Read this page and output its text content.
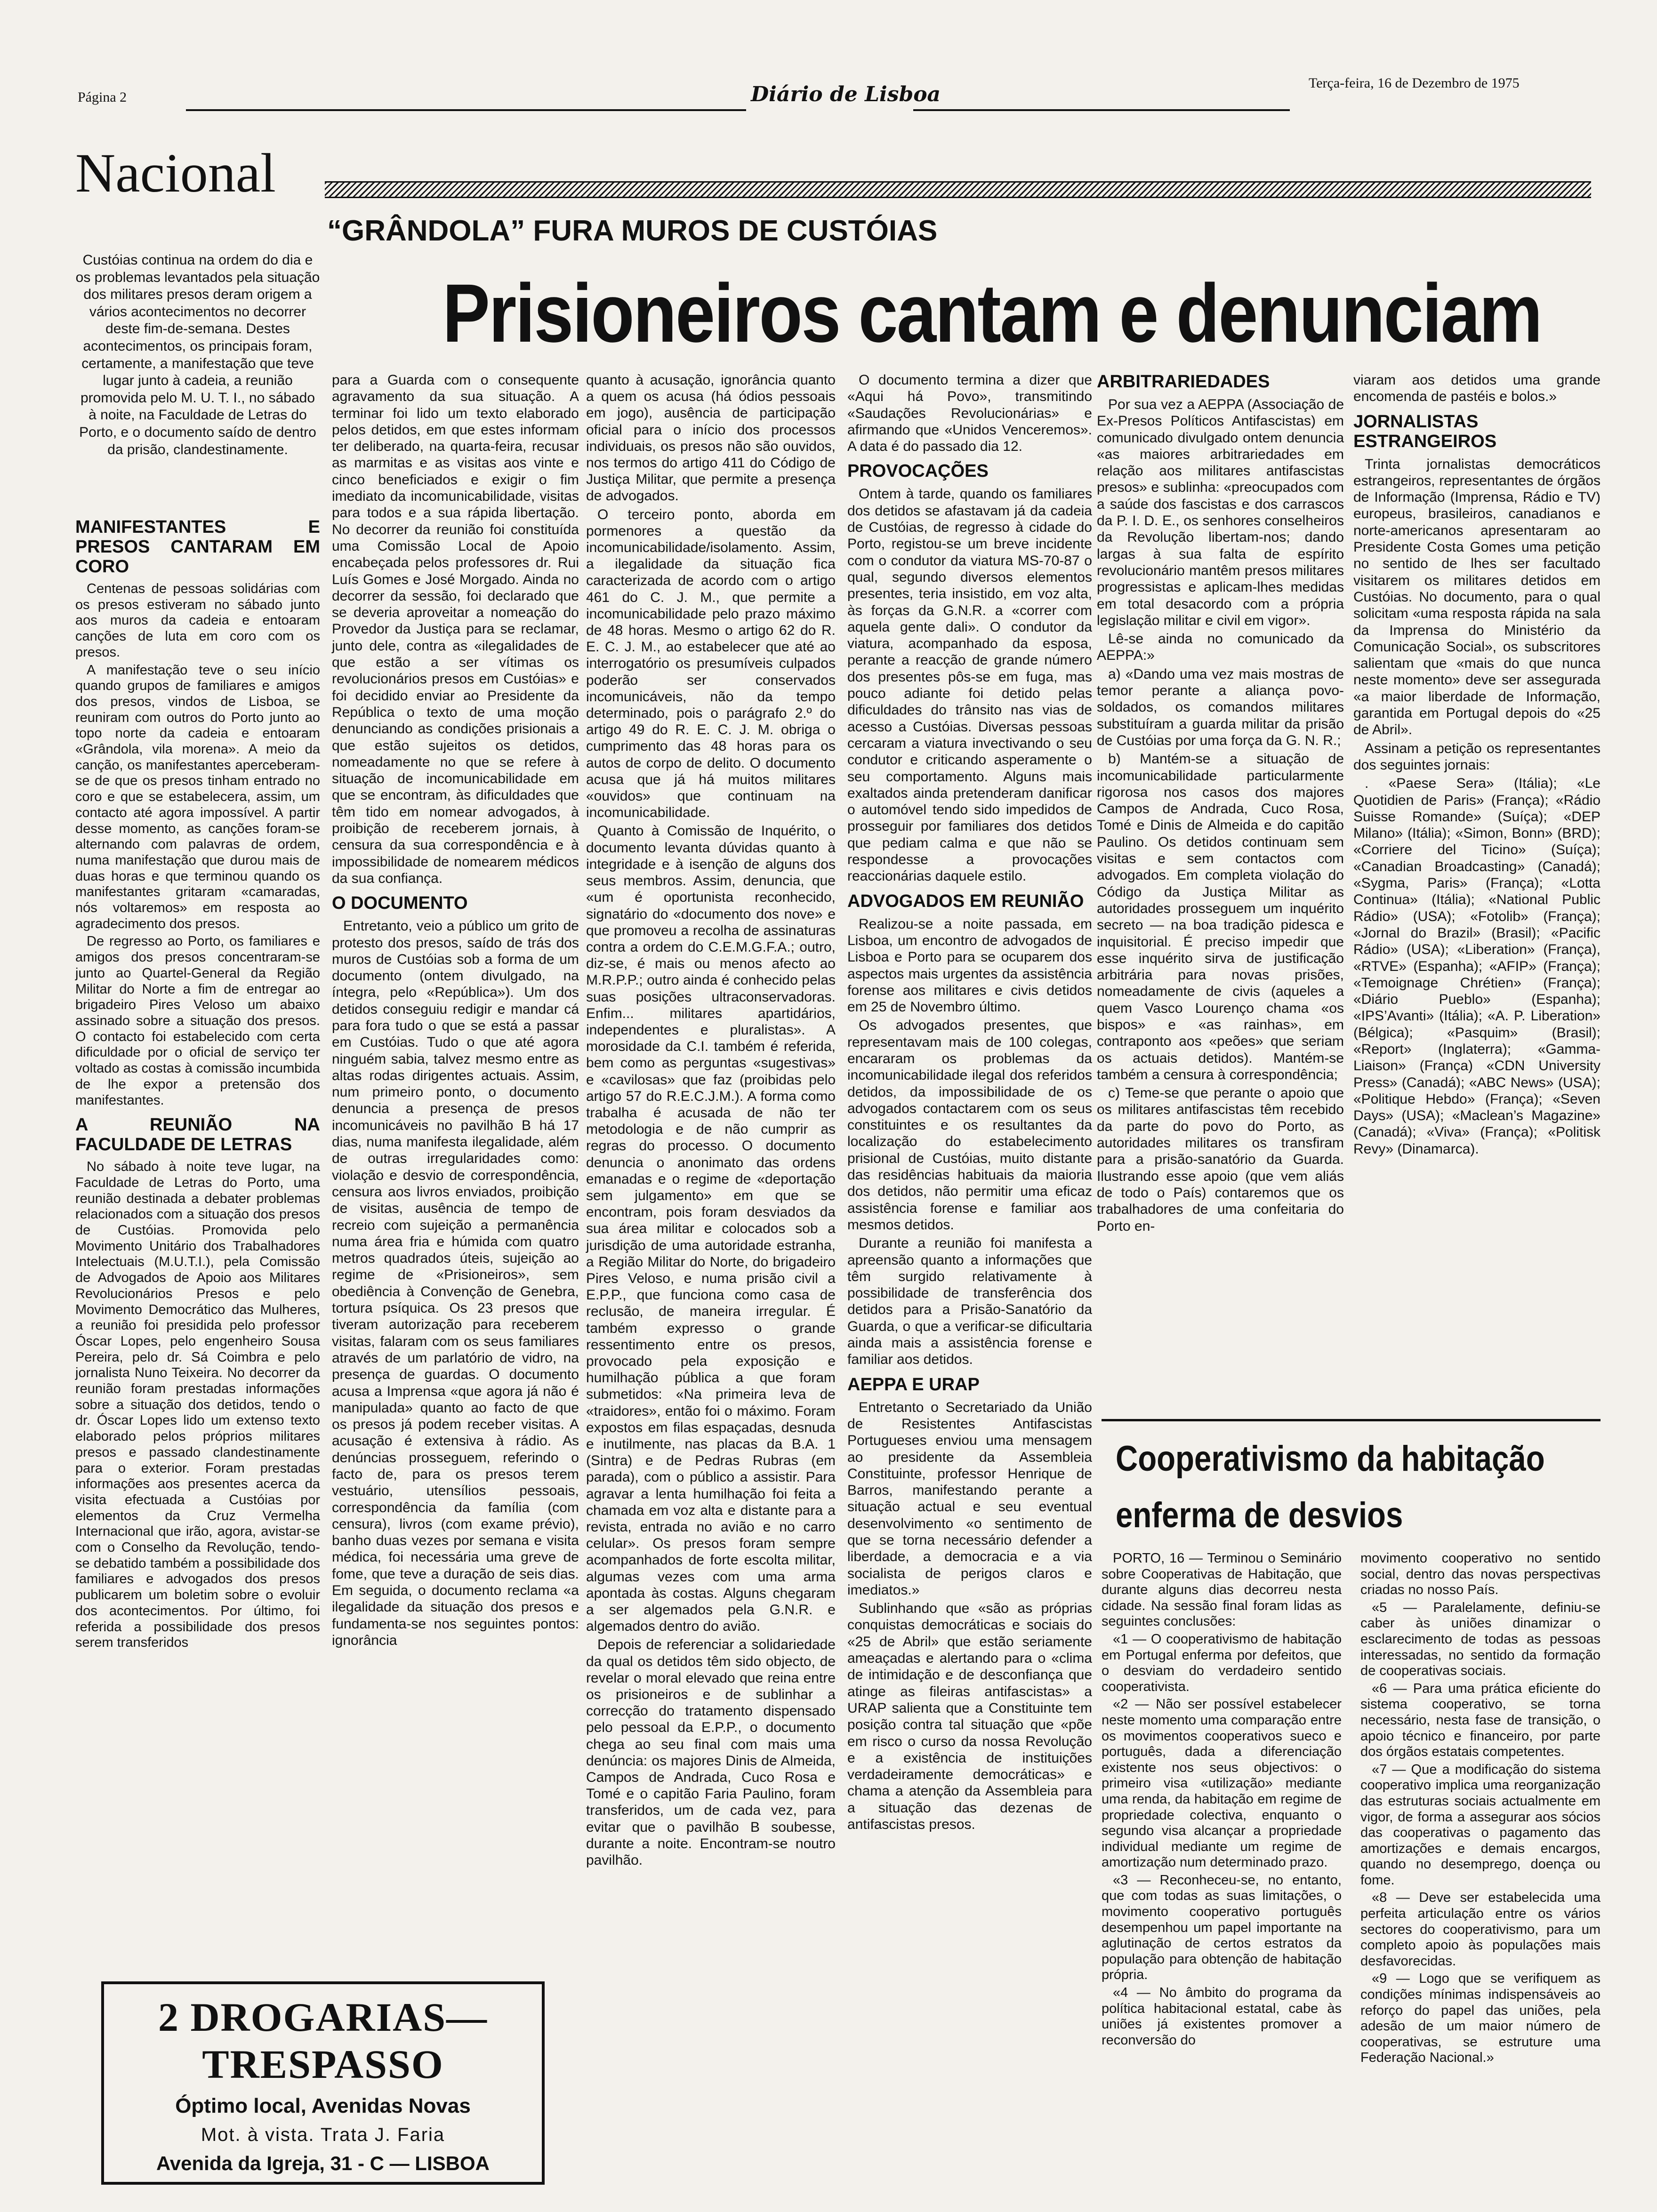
Página 2	Diário de Lisboa	Terça-feira, 16 de Dezembro de 1975
Nacional
“GRÂNDOLA” FURA MUROS DE CUSTÓIAS
Prisioneiros cantam e denunciam

Custóias continua na ordem do dia e os problemas levantados pela situação dos militares presos deram origem a vários acontecimentos no decorrer deste fim-de-semana. Destes acontecimentos, os principais foram, certamente, a manifestação que teve lugar junto à cadeia, a reunião promovida pelo M. U. T. I., no sábado à noite, na Faculdade de Letras do Porto, e o documento saído de dentro da prisão, clandestinamente.

MANIFESTANTES E PRESOS CANTARAM EM CORO

Centenas de pessoas solidárias com os presos estiveram no sábado junto aos muros da cadeia e entoaram canções de luta em coro com os presos.

A manifestação teve o seu início quando grupos de familiares e amigos dos presos, vindos de Lisboa, se reuniram com outros do Porto junto ao topo norte da cadeia e entoaram «Grândola, vila morena». A meio da canção, os manifestantes aperceberam-se de que os presos tinham entrado no coro e que se estabelecera, assim, um contacto até agora impossível. A partir desse momento, as canções foram-se alternando com palavras de ordem, numa manifestação que durou mais de duas horas e que terminou quando os manifestantes gritaram «camaradas, nós voltaremos» em resposta ao agradecimento dos presos.

De regresso ao Porto, os familiares e amigos dos presos concentraram-se junto ao Quartel-General da Região Militar do Norte a fim de entregar ao brigadeiro Pires Veloso um abaixo assinado sobre a situação dos presos. O contacto foi estabelecido com certa dificuldade por o oficial de serviço ter voltado as costas à comissão incumbida de lhe expor a pretensão dos manifestantes.

A REUNIÃO NA FACULDADE DE LETRAS

No sábado à noite teve lugar, na Faculdade de Letras do Porto, uma reunião destinada a debater problemas relacionados com a situação dos presos de Custóias. Promovida pelo Movimento Unitário dos Trabalhadores Intelectuais (M.U.T.I.), pela Comissão de Advogados de Apoio aos Militares Revolucionários Presos e pelo Movimento Democrático das Mulheres, a reunião foi presidida pelo professor Óscar Lopes, pelo engenheiro Sousa Pereira, pelo dr. Sá Coimbra e pelo jornalista Nuno Teixeira. No decorrer da reunião foram prestadas informações sobre a situação dos detidos, tendo o dr. Óscar Lopes lido um extenso texto elaborado pelos próprios militares presos e passado clandestinamente para o exterior. Foram prestadas informações aos presentes acerca da visita efectuada a Custóias por elementos da Cruz Vermelha Internacional que irão, agora, avistar-se com o Conselho da Revolução, tendo-se debatido também a possibilidade dos familiares e advogados dos presos publicarem um boletim sobre o evoluir dos acontecimentos. Por último, foi referida a possibilidade dos presos serem transferidos

para a Guarda com o consequente agravamento da sua situação. A terminar foi lido um texto elaborado pelos detidos, em que estes informam ter deliberado, na quarta-feira, recusar as marmitas e as visitas aos vinte e cinco beneficiados e exigir o fim imediato da incomunicabilidade, visitas para todos e a sua rápida libertação. No decorrer da reunião foi constituída uma Comissão Local de Apoio encabeçada pelos professores dr. Rui Luís Gomes e José Morgado. Ainda no decorrer da sessão, foi declarado que se deveria aproveitar a nomeação do Provedor da Justiça para se reclamar, junto dele, contra as «ilegalidades de que estão a ser vítimas os revolucionários presos em Custóias» e foi decidido enviar ao Presidente da República o texto de uma moção denunciando as condições prisionais a que estão sujeitos os detidos, nomeadamente no que se refere à situação de incomunicabilidade em que se encontram, às dificuldades que têm tido em nomear advogados, à proibição de receberem jornais, à censura da sua correspondência e à impossibilidade de nomearem médicos da sua confiança.

O DOCUMENTO

Entretanto, veio a público um grito de protesto dos presos, saído de trás dos muros de Custóias sob a forma de um documento (ontem divulgado, na íntegra, pelo «República»). Um dos detidos conseguiu redigir e mandar cá para fora tudo o que se está a passar em Custóias. Tudo o que até agora ninguém sabia, talvez mesmo entre as altas rodas dirigentes actuais. Assim, num primeiro ponto, o documento denuncia a presença de presos incomunicáveis no pavilhão B há 17 dias, numa manifesta ilegalidade, além de outras irregularidades como: violação e desvio de correspondência, censura aos livros enviados, proibição de visitas, ausência de tempo de recreio com sujeição a permanência numa área fria e húmida com quatro metros quadrados úteis, sujeição ao regime de «Prisioneiros», sem obediência à Convenção de Genebra, tortura psíquica. Os 23 presos que tiveram autorização para receberem visitas, falaram com os seus familiares através de um parlatório de vidro, na presença de guardas. O documento acusa a Imprensa «que agora já não é manipulada» quanto ao facto de que os presos já podem receber visitas. A acusação é extensiva à rádio. As denúncias prosseguem, referindo o facto de, para os presos terem vestuário, utensílios pessoais, correspondência da família (com censura), livros (com exame prévio), banho duas vezes por semana e visita médica, foi necessária uma greve de fome, que teve a duração de seis dias. Em seguida, o documento reclama «a ilegalidade da situação dos presos e fundamenta-se nos seguintes pontos: ignorância

quanto à acusação, ignorância quanto a quem os acusa (há ódios pessoais em jogo), ausência de participação oficial para o início dos processos individuais, os presos não são ouvidos, nos termos do artigo 411 do Código de Justiça Militar, que permite a presença de advogados.

O terceiro ponto, aborda em pormenores a questão da incomunicabilidade/isolamento. Assim, a ilegalidade da situação fica caracterizada de acordo com o artigo 461 do C. J. M., que permite a incomunicabilidade pelo prazo máximo de 48 horas. Mesmo o artigo 62 do R. E. C. J. M., ao estabelecer que até ao interrogatório os presumíveis culpados poderão ser conservados incomunicáveis, não da tempo determinado, pois o parágrafo 2.º do artigo 49 do R. E. C. J. M. obriga o cumprimento das 48 horas para os autos de corpo de delito. O documento acusa que já há muitos militares «ouvidos» que continuam na incomunicabilidade.

Quanto à Comissão de Inquérito, o documento levanta dúvidas quanto à integridade e à isenção de alguns dos seus membros. Assim, denuncia, que «um é oportunista reconhecido, signatário do «documento dos nove» e que promoveu a recolha de assinaturas contra a ordem do C.E.M.G.F.A.; outro, diz-se, é mais ou menos afecto ao M.R.P.P.; outro ainda é conhecido pelas suas posições ultraconservadoras. Enfim... militares apartidários, independentes e pluralistas». A morosidade da C.I. também é referida, bem como as perguntas «sugestivas» e «cavilosas» que faz (proibidas pelo artigo 57 do R.E.C.J.M.). A forma como trabalha é acusada de não ter metodologia e de não cumprir as regras do processo. O documento denuncia o anonimato das ordens emanadas e o regime de «deportação sem julgamento» em que se encontram, pois foram desviados da sua área militar e colocados sob a jurisdição de uma autoridade estranha, a Região Militar do Norte, do brigadeiro Pires Veloso, e numa prisão civil a E.P.P., que funciona como casa de reclusão, de maneira irregular. É também expresso o grande ressentimento entre os presos, provocado pela exposição e humilhação pública a que foram submetidos: «Na primeira leva de «traidores», então foi o máximo. Foram expostos em filas espaçadas, desnuda e inutilmente, nas placas da B.A. 1 (Sintra) e de Pedras Rubras (em parada), com o público a assistir. Para agravar a lenta humilhação foi feita a chamada em voz alta e distante para a revista, entrada no avião e no carro celular». Os presos foram sempre acompanhados de forte escolta militar, algumas vezes com uma arma apontada às costas. Alguns chegaram a ser algemados pela G.N.R. e algemados dentro do avião.

Depois de referenciar a solidariedade da qual os detidos têm sido objecto, de revelar o moral elevado que reina entre os prisioneiros e de sublinhar a correcção do tratamento dispensado pelo pessoal da E.P.P., o documento chega ao seu final com mais uma denúncia: os majores Dinis de Almeida, Campos de Andrada, Cuco Rosa e Tomé e o capitão Faria Paulino, foram transferidos, um de cada vez, para evitar que o pavilhão B soubesse, durante a noite. Encontram-se noutro pavilhão.

O documento termina a dizer que «Aqui há Povo», transmitindo «Saudações Revolucionárias» e afirmando que «Unidos Venceremos». A data é do passado dia 12.

PROVOCAÇÕES

Ontem à tarde, quando os familiares dos detidos se afastavam já da cadeia de Custóias, de regresso à cidade do Porto, registou-se um breve incidente com o condutor da viatura MS-70-87 o qual, segundo diversos elementos presentes, teria insistido, em voz alta, às forças da G.N.R. a «correr com aquela gente dali». O condutor da viatura, acompanhado da esposa, perante a reacção de grande número dos presentes pôs-se em fuga, mas pouco adiante foi detido pelas dificuldades do trânsito nas vias de acesso a Custóias. Diversas pessoas cercaram a viatura invectivando o seu condutor e criticando asperamente o seu comportamento. Alguns mais exaltados ainda pretenderam danificar o automóvel tendo sido impedidos de prosseguir por familiares dos detidos que pediam calma e que não se respondesse a provocações reaccionárias daquele estilo.

ADVOGADOS EM REUNIÃO

Realizou-se a noite passada, em Lisboa, um encontro de advogados de Lisboa e Porto para se ocuparem dos aspectos mais urgentes da assistência forense aos militares e civis detidos em 25 de Novembro último.

Os advogados presentes, que representavam mais de 100 colegas, encararam os problemas da incomunicabilidade ilegal dos referidos detidos, da impossibilidade de os advogados contactarem com os seus constituintes e os resultantes da localização do estabelecimento prisional de Custóias, muito distante das residências habituais da maioria dos detidos, não permitir uma eficaz assistência forense e familiar aos mesmos detidos.

Durante a reunião foi manifesta a apreensão quanto a informações que têm surgido relativamente à possibilidade de transferência dos detidos para a Prisão-Sanatório da Guarda, o que a verificar-se dificultaria ainda mais a assistência forense e familiar aos detidos.

AEPPA E URAP

Entretanto o Secretariado da União de Resistentes Antifascistas Portugueses enviou uma mensagem ao presidente da Assembleia Constituinte, professor Henrique de Barros, manifestando perante a situação actual e seu eventual desenvolvimento «o sentimento de que se torna necessário defender a liberdade, a democracia e a via socialista de perigos claros e imediatos.»

Sublinhando que «são as próprias conquistas democráticas e sociais do «25 de Abril» que estão seriamente ameaçadas e alertando para o «clima de intimidação e de desconfiança que atinge as fileiras antifascistas» a URAP salienta que a Constituinte tem posição contra tal situação que «põe em risco o curso da nossa Revolução e a existência de instituições verdadeiramente democráticas» e chama a atenção da Assembleia para a situação das dezenas de antifascistas presos.

ARBITRARIEDADES

Por sua vez a AEPPA (Associação de Ex-Presos Políticos Antifascistas) em comunicado divulgado ontem denuncia «as maiores arbitrariedades em relação aos militares antifascistas presos» e sublinha: «preocupados com a saúde dos fascistas e dos carrascos da P. I. D. E., os senhores conselheiros da Revolução libertam-nos; dando largas à sua falta de espírito revolucionário mantêm presos militares progressistas e aplicam-lhes medidas em total desacordo com a própria legislação militar e civil em vigor».

Lê-se ainda no comunicado da AEPPA:»

a) «Dando uma vez mais mostras de temor perante a aliança povo-soldados, os comandos militares substituíram a guarda militar da prisão de Custóias por uma força da G. N. R.;

b) Mantém-se a situação de incomunicabilidade particularmente rigorosa nos casos dos majores Campos de Andrada, Cuco Rosa, Tomé e Dinis de Almeida e do capitão Paulino. Os detidos continuam sem visitas e sem contactos com advogados. Em completa violação do Código da Justiça Militar as autoridades prosseguem um inquérito secreto — na boa tradição pidesca e inquisitorial. É preciso impedir que esse inquérito sirva de justificação arbitrária para novas prisões, nomeadamente de civis (aqueles a quem Vasco Lourenço chama «os bispos» e «as rainhas», em contraponto aos «peões» que seriam os actuais detidos). Mantém-se também a censura à correspondência;

c) Teme-se que perante o apoio que os militares antifascistas têm recebido da parte do povo do Porto, as autoridades militares os transfiram para a prisão-sanatório da Guarda. Ilustrando esse apoio (que vem aliás de todo o País) contaremos que os trabalhadores de uma confeitaria do Porto en-

viaram aos detidos uma grande encomenda de pastéis e bolos.»

JORNALISTAS ESTRANGEIROS

Trinta jornalistas democráticos estrangeiros, representantes de órgãos de Informação (Imprensa, Rádio e TV) europeus, brasileiros, canadianos e norte-americanos apresentaram ao Presidente Costa Gomes uma petição no sentido de lhes ser facultado visitarem os militares detidos em Custóias. No documento, para o qual solicitam «uma resposta rápida na sala da Imprensa do Ministério da Comunicação Social», os subscritores salientam que «mais do que nunca neste momento» deve ser assegurada «a maior liberdade de Informação, garantida em Portugal depois do «25 de Abril».

Assinam a petição os representantes dos seguintes jornais:

. «Paese Sera» (Itália); «Le Quotidien de Paris» (França); «Rádio Suisse Romande» (Suíça); «DEP Milano» (Itália); «Simon, Bonn» (BRD); «Corriere del Ticino» (Suíça); «Canadian Broadcasting» (Canadá); «Sygma, Paris» (França); «Lotta Continua» (Itália); «National Public Rádio» (USA); «Fotolib» (França); «Jornal do Brazil» (Brasil); «Pacific Rádio» (USA); «Liberation» (França), «RTVE» (Espanha); «AFIP» (França); «Temoignage Chrétien» (França); «Diário Pueblo» (Espanha); «IPS’Avanti» (Itália); «A. P. Liberation» (Bélgica); «Pasquim» (Brasil); «Report» (Inglaterra); «Gamma-Liaison» (França) «CDN University Press» (Canadá); «ABC News» (USA); «Politique Hebdo» (França); «Seven Days» (USA); «Maclean’s Magazine» (Canadá); «Viva» (França); «Politisk Revy» (Dinamarca).

Cooperativismo da habitação
enferma de desvios

PORTO, 16 — Terminou o Seminário sobre Cooperativas de Habitação, que durante alguns dias decorreu nesta cidade. Na sessão final foram lidas as seguintes conclusões:

«1 — O cooperativismo de habitação em Portugal enferma por defeitos, que o desviam do verdadeiro sentido cooperativista.

«2 — Não ser possível estabelecer neste momento uma comparação entre os movimentos cooperativos sueco e português, dada a diferenciação existente nos seus objectivos: o primeiro visa «utilização» mediante uma renda, da habitação em regime de propriedade colectiva, enquanto o segundo visa alcançar a propriedade individual mediante um regime de amortização num determinado prazo.

«3 — Reconheceu-se, no entanto, que com todas as suas limitações, o movimento cooperativo português desempenhou um papel importante na aglutinação de certos estratos da população para obtenção de habitação própria.

«4 — No âmbito do programa da política habitacional estatal, cabe às uniões já existentes promover a reconversão do

movimento cooperativo no sentido social, dentro das novas perspectivas criadas no nosso País.

«5 — Paralelamente, definiu-se caber às uniões dinamizar o esclarecimento de todas as pessoas interessadas, no sentido da formação de cooperativas sociais.

«6 — Para uma prática eficiente do sistema cooperativo, se torna necessário, nesta fase de transição, o apoio técnico e financeiro, por parte dos órgãos estatais competentes.

«7 — Que a modificação do sistema cooperativo implica uma reorganização das estruturas sociais actualmente em vigor, de forma a assegurar aos sócios das cooperativas o pagamento das amortizações e demais encargos, quando no desemprego, doença ou fome.

«8 — Deve ser estabelecida uma perfeita articulação entre os vários sectores do cooperativismo, para um completo apoio às populações mais desfavorecidas.

«9 — Logo que se verifiquem as condições mínimas indispensáveis ao reforço do papel das uniões, pela adesão de um maior número de cooperativas, se estruture uma Federação Nacional.»

2 DROGARIAS—TRESPASSO
Óptimo local, Avenidas Novas
Mot. à vista. Trata J. Faria
Avenida da Igreja, 31 - C — LISBOA
